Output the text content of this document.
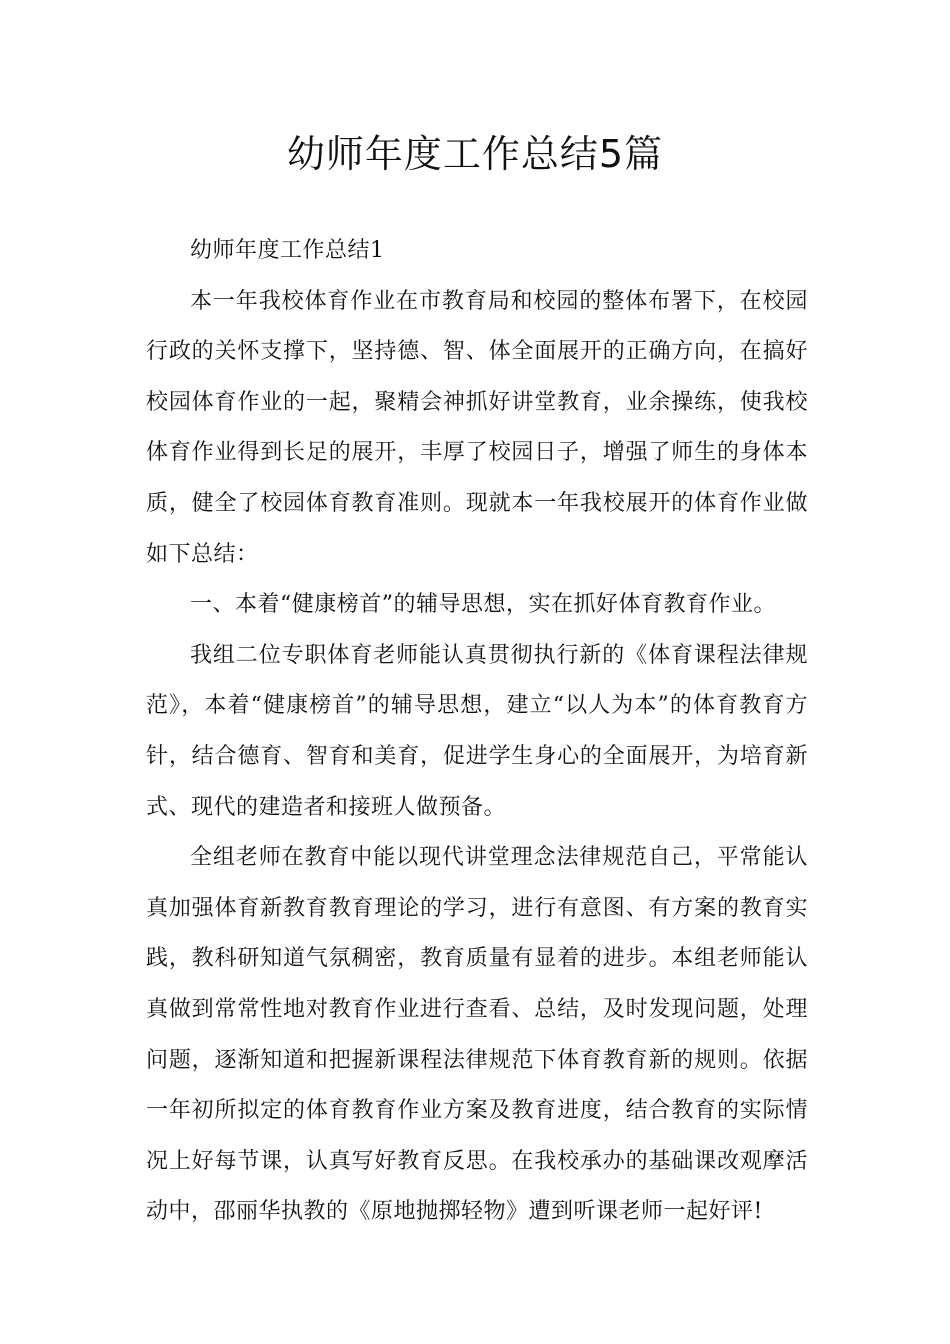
幼师年度工作总结5篇

幼师年度工作总结1

本一年我校体育作业在市教育局和校园的整体布署下，在校园行政的关怀支撑下，坚持德、智、体全面展开的正确方向，在搞好校园体育作业的一起，聚精会神抓好讲堂教育，业余操练，使我校体育作业得到长足的展开，丰厚了校园日子，增强了师生的身体本质，健全了校园体育教育准则。现就本一年我校展开的体育作业做如下总结：

一、本着“健康榜首”的辅导思想，实在抓好体育教育作业。

我组二位专职体育老师能认真贯彻执行新的《体育课程法律规范》，本着“健康榜首”的辅导思想，建立“以人为本”的体育教育方针，结合德育、智育和美育，促进学生身心的全面展开，为培育新式、现代的建造者和接班人做预备。

全组老师在教育中能以现代讲堂理念法律规范自己，平常能认真加强体育新教育教育理论的学习，进行有意图、有方案的教育实践，教科研知道气氛稠密，教育质量有显着的进步。本组老师能认真做到常常性地对教育作业进行查看、总结，及时发现问题，处理问题，逐渐知道和把握新课程法律规范下体育教育新的规则。依据一年初所拟定的体育教育作业方案及教育进度，结合教育的实际情况上好每节课，认真写好教育反思。在我校承办的基础课改观摩活动中，邵丽华执教的《原地抛掷轻物》遭到听课老师一起好评!
